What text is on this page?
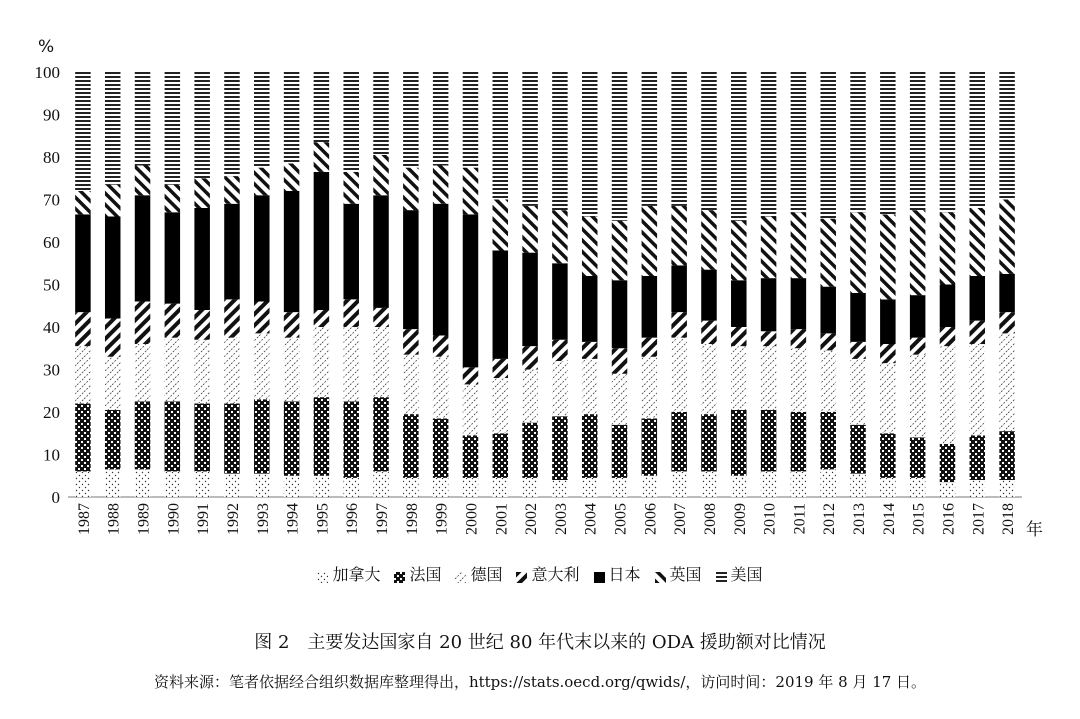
%
0
10
20
30
40
50
60
70
80
90
100
1987 1988 1989 1990 1991 1992 1993 1994 1995 1996 1997 1998 1999 2000 2001 2002 2003 2004 2005 2006 2007 2008 2009 2010 2011 2012 2013 2014 2015 2016 2017 2018 年
加拿大 法国 德国 意大利 日本 英国 美国
图 2　主要发达国家自 20 世纪 80 年代末以来的 ODA 援助额对比情况
资料来源：笔者依据经合组织数据库整理得出，https://stats.oecd.org/qwids/，访问时间：2019 年 8 月 17 日。
